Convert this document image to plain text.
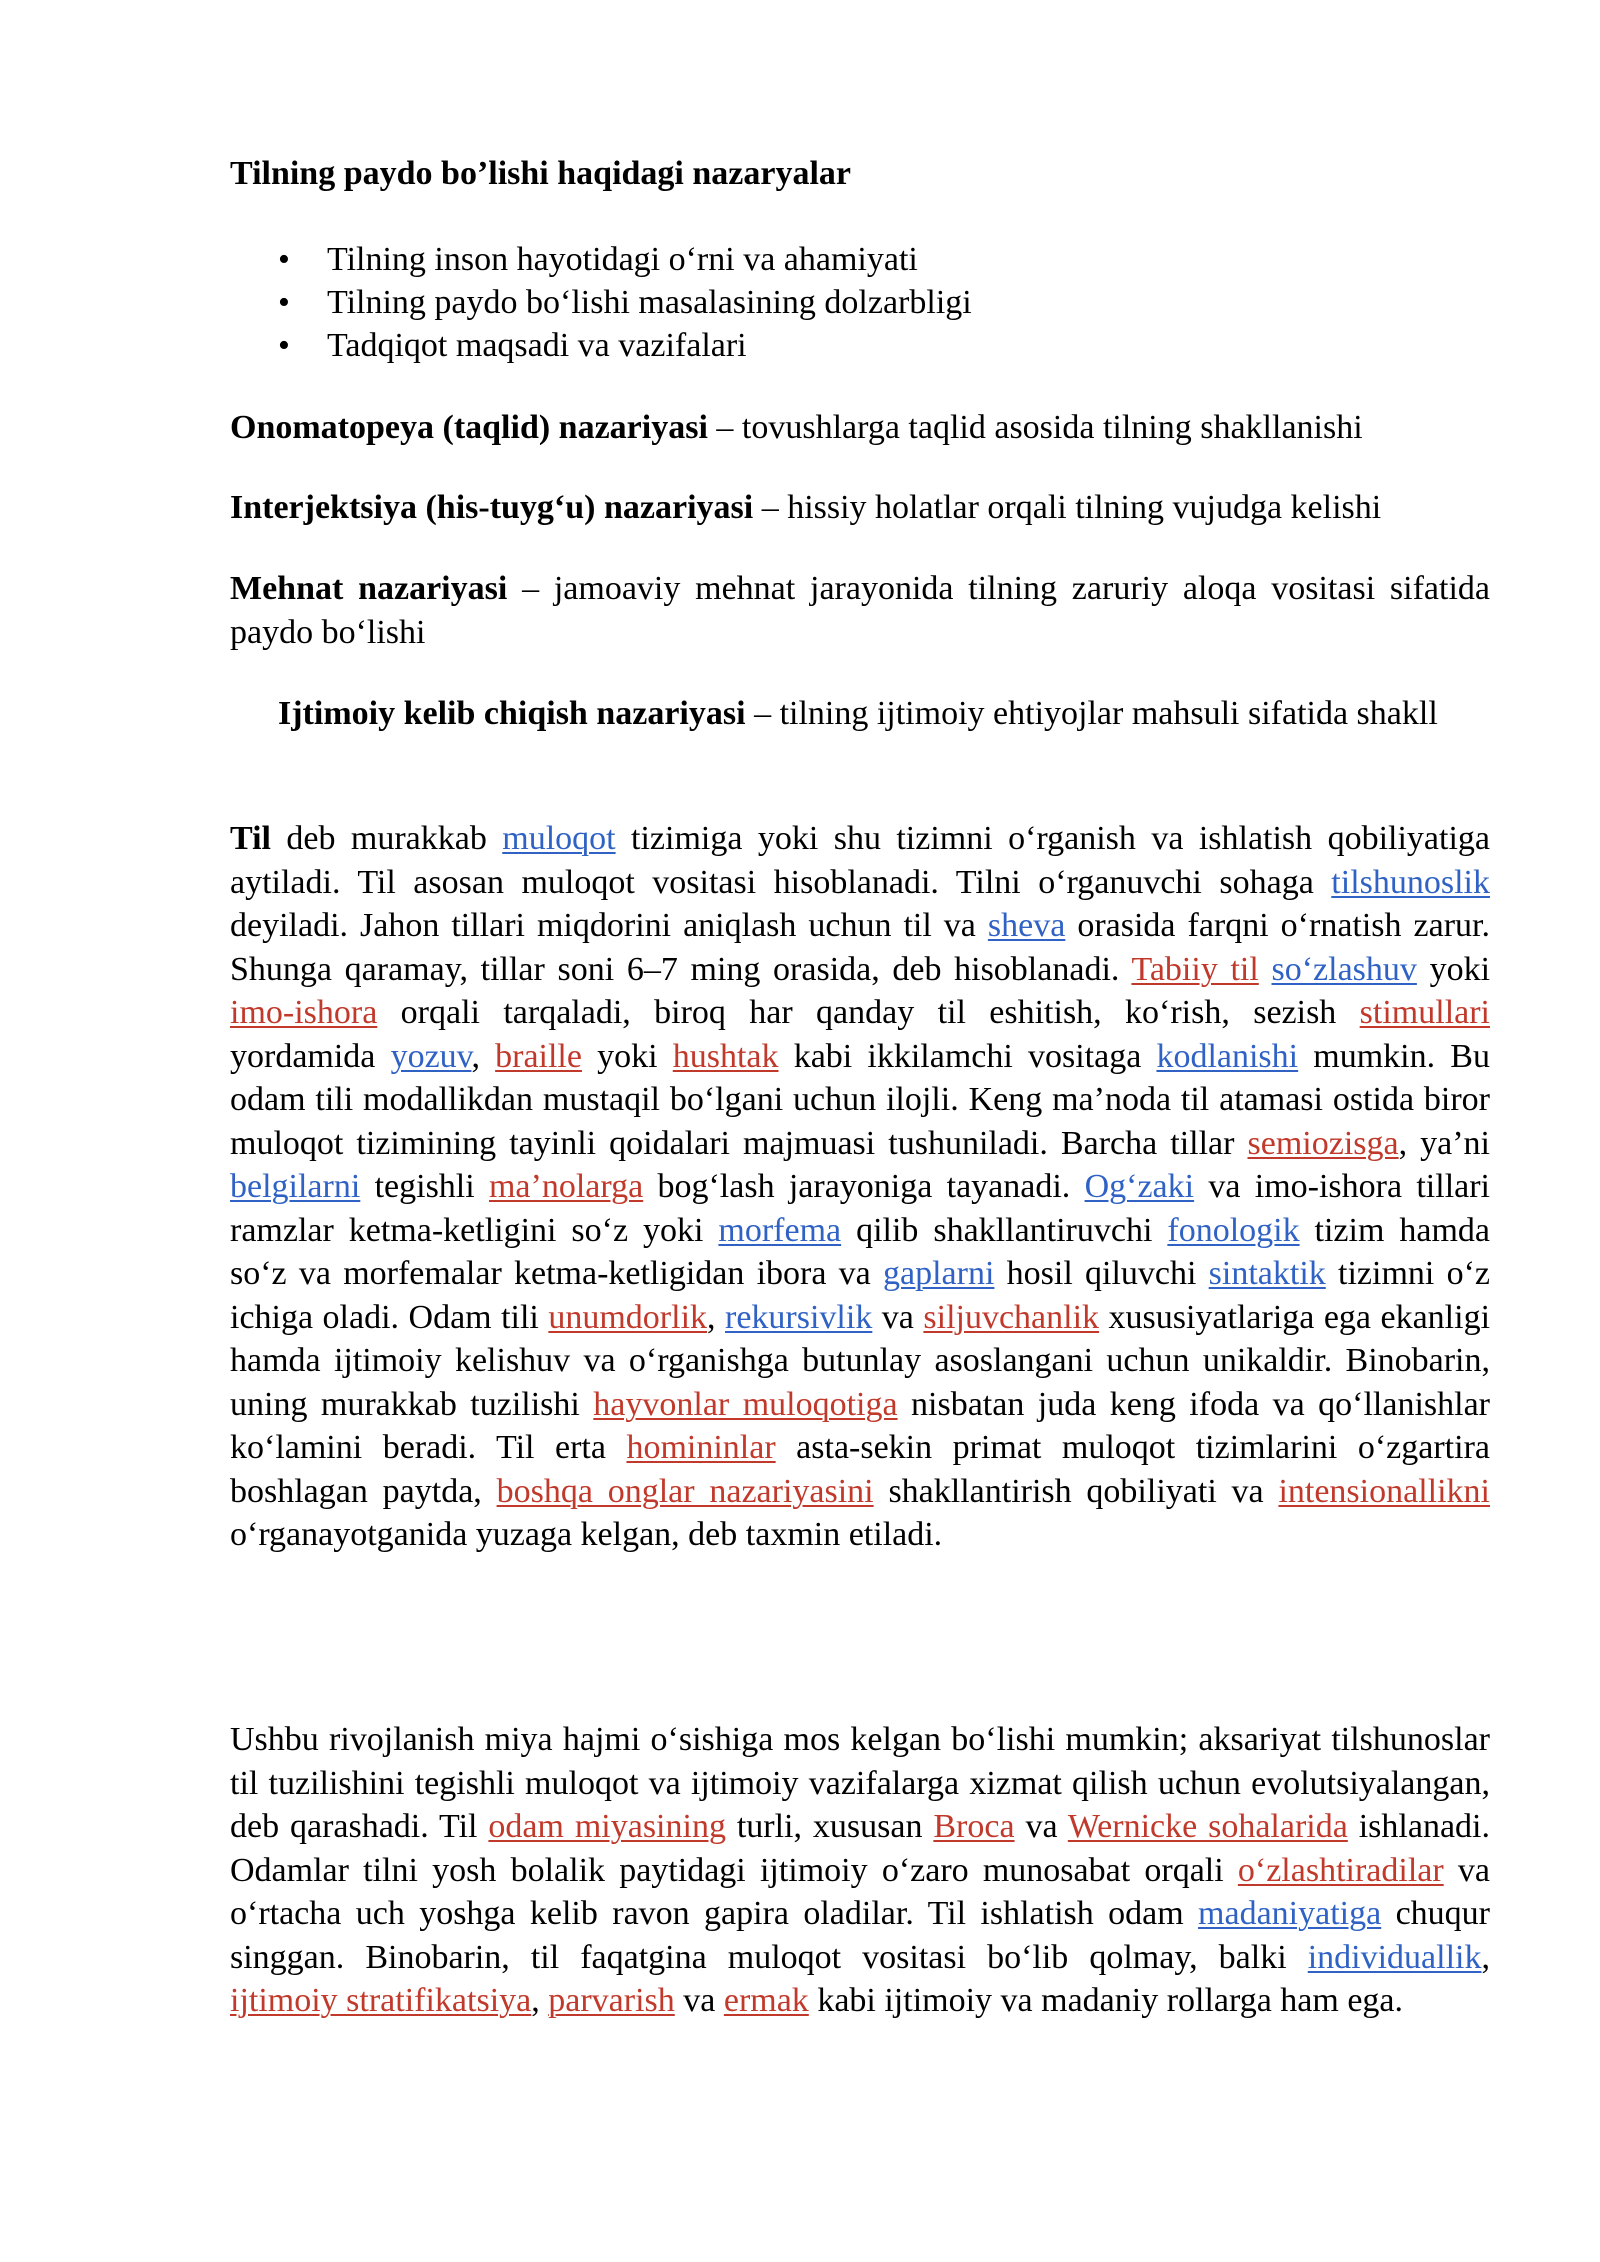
Tilning paydo bo’lishi haqidagi nazaryalar
• Tilning inson hayotidagi o‘rni va ahamiyati
• Tilning paydo bo‘lishi masalasining dolzarbligi
• Tadqiqot maqsadi va vazifalari
Onomatopeya (taqlid) nazariyasi – tovushlarga taqlid asosida tilning shakllanishi
Interjektsiya (his-tuyg‘u) nazariyasi – hissiy holatlar orqali tilning vujudga kelishi
Mehnat nazariyasi – jamoaviy mehnat jarayonida tilning zaruriy aloqa vositasi sifatida paydo bo‘lishi
Ijtimoiy kelib chiqish nazariyasi – tilning ijtimoiy ehtiyojlar mahsuli sifatida shakll
Til deb murakkab muloqot tizimiga yoki shu tizimni o‘rganish va ishlatish qobiliyatiga aytiladi. Til asosan muloqot vositasi hisoblanadi. Tilni o‘rganuvchi sohaga tilshunoslik deyiladi. Jahon tillari miqdorini aniqlash uchun til va sheva orasida farqni o‘rnatish zarur. Shunga qaramay, tillar soni 6–7 ming orasida, deb hisoblanadi. Tabiiy til so‘zlashuv yoki imo-ishora orqali tarqaladi, biroq har qanday til eshitish, ko‘rish, sezish stimullari yordamida yozuv, braille yoki hushtak kabi ikkilamchi vositaga kodlanishi mumkin. Bu odam tili modallikdan mustaqil bo‘lgani uchun ilojli. Keng ma’noda til atamasi ostida biror muloqot tizimining tayinli qoidalari majmuasi tushuniladi. Barcha tillar semiozisga, ya’ni belgilarni tegishli ma’nolarga bog‘lash jarayoniga tayanadi. Og‘zaki va imo-ishora tillari ramzlar ketma-ketligini so‘z yoki morfema qilib shakllantiruvchi fonologik tizim hamda so‘z va morfemalar ketma-ketligidan ibora va gaplarni hosil qiluvchi sintaktik tizimni o‘z ichiga oladi. Odam tili unumdorlik, rekursivlik va siljuvchanlik xususiyatlariga ega ekanligi hamda ijtimoiy kelishuv va o‘rganishga butunlay asoslangani uchun unikaldir. Binobarin, uning murakkab tuzilishi hayvonlar muloqotiga nisbatan juda keng ifoda va qo‘llanishlar ko‘lamini beradi. Til erta homininlar asta-sekin primat muloqot tizimlarini o‘zgartira boshlagan paytda, boshqa onglar nazariyasini shakllantirish qobiliyati va intensionallikni o‘rganayotganida yuzaga kelgan, deb taxmin etiladi.
Ushbu rivojlanish miya hajmi o‘sishiga mos kelgan bo‘lishi mumkin; aksariyat tilshunoslar til tuzilishini tegishli muloqot va ijtimoiy vazifalarga xizmat qilish uchun evolutsiyalangan, deb qarashadi. Til odam miyasining turli, xususan Broca va Wernicke sohalarida ishlanadi. Odamlar tilni yosh bolalik paytidagi ijtimoiy o‘zaro munosabat orqali o‘zlashtiradilar va o‘rtacha uch yoshga kelib ravon gapira oladilar. Til ishlatish odam madaniyatiga chuqur singgan. Binobarin, til faqatgina muloqot vositasi bo‘lib qolmay, balki individuallik, ijtimoiy stratifikatsiya, parvarish va ermak kabi ijtimoiy va madaniy rollarga ham ega.
